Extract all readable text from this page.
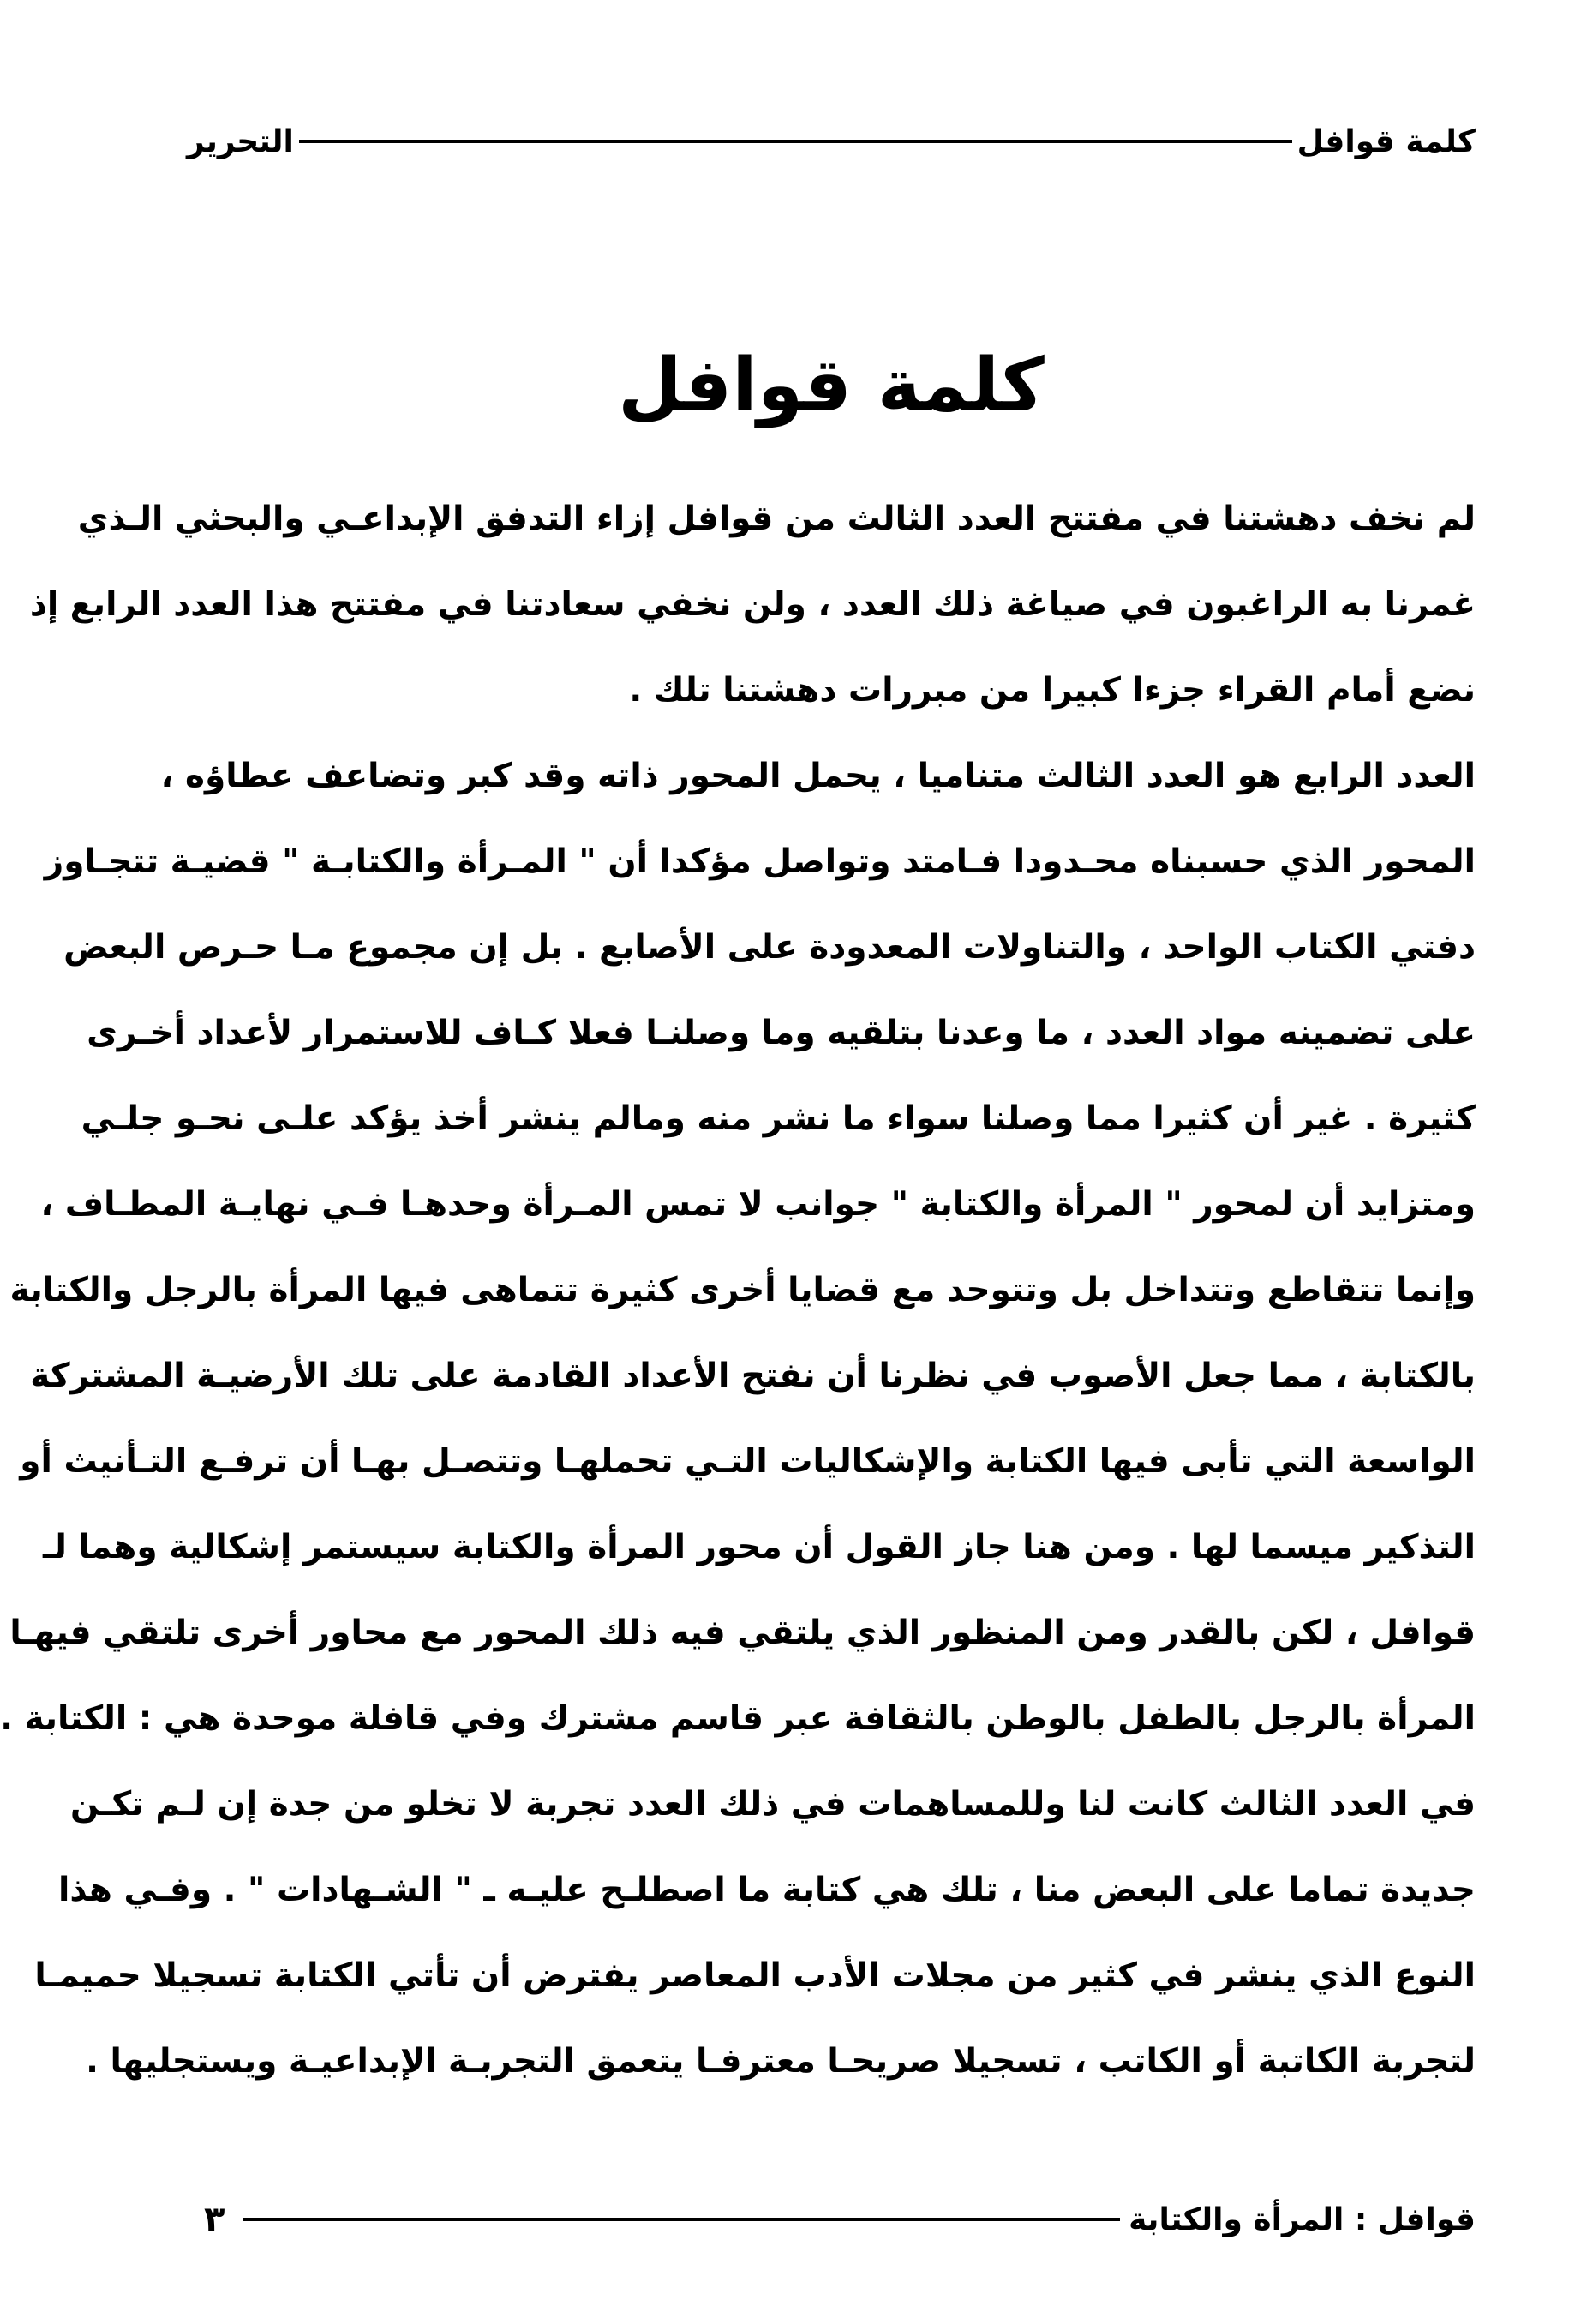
كلمة قوافل
التحرير
كلمة قوافل
لم نخف دهشتنا في مفتتح العدد الثالث من قوافل إزاء التدفق الإبداعـي والبحثي الـذي
غمرنا به الراغبون في صياغة ذلك العدد ، ولن نخفي سعادتنا في مفتتح هذا العدد الرابع إذ
نضع أمام القراء جزءا كبيرا من مبررات دهشتنا تلك .
العدد الرابع هو العدد الثالث متناميا ، يحمل المحور ذاته وقد كبر وتضاعف عطاؤه ،
المحور الذي حسبناه محـدودا فـامتد وتواصل مؤكدا أن " المـرأة والكتابـة " قضيـة تتجـاوز
دفتي الكتاب الواحد ، والتناولات المعدودة على الأصابع . بل إن مجموع مـا حـرص البعض
على تضمينه مواد العدد ، ما وعدنا بتلقيه وما وصلنـا فعلا كـاف للاستمرار لأعداد أخـرى
كثيرة . غير أن كثيرا مما وصلنا سواء ما نشر منه ومالم ينشر أخذ يؤكد علـى نحـو جلـي
ومتزايد أن لمحور " المرأة والكتابة " جوانب لا تمس المـرأة وحدهـا فـي نهايـة المطـاف ،
وإنما تتقاطع وتتداخل بل وتتوحد مع قضايا أخرى كثيرة تتماهى فيها المرأة بالرجل والكتابة
بالكتابة ، مما جعل الأصوب في نظرنا أن نفتح الأعداد القادمة على تلك الأرضيـة المشتركة
الواسعة التي تأبى فيها الكتابة والإشكاليات التـي تحملهـا وتتصـل بهـا أن ترفـع التـأنيث أو
التذكير ميسما لها . ومن هنا جاز القول أن محور المرأة والكتابة سيستمر إشكالية وهما لـ
قوافل ، لكن بالقدر ومن المنظور الذي يلتقي فيه ذلك المحور مع محاور أخرى تلتقي فيهـا
المرأة بالرجل بالطفل بالوطن بالثقافة عبر قاسم مشترك وفي قافلة موحدة هي : الكتابة .
في العدد الثالث كانت لنا وللمساهمات في ذلك العدد تجربة لا تخلو من جدة إن لـم تكـن
جديدة تماما على البعض منا ، تلك هي كتابة ما اصطلـح عليـه ـ " الشـهادات " . وفـي هذا
النوع الذي ينشر في كثير من مجلات الأدب المعاصر يفترض أن تأتي الكتابة تسجيلا حميمـا
لتجربة الكاتبة أو الكاتب ، تسجيلا صريحـا معترفـا يتعمق التجربـة الإبداعيـة ويستجليها .
قوافل : المرأة والكتابة
٣
